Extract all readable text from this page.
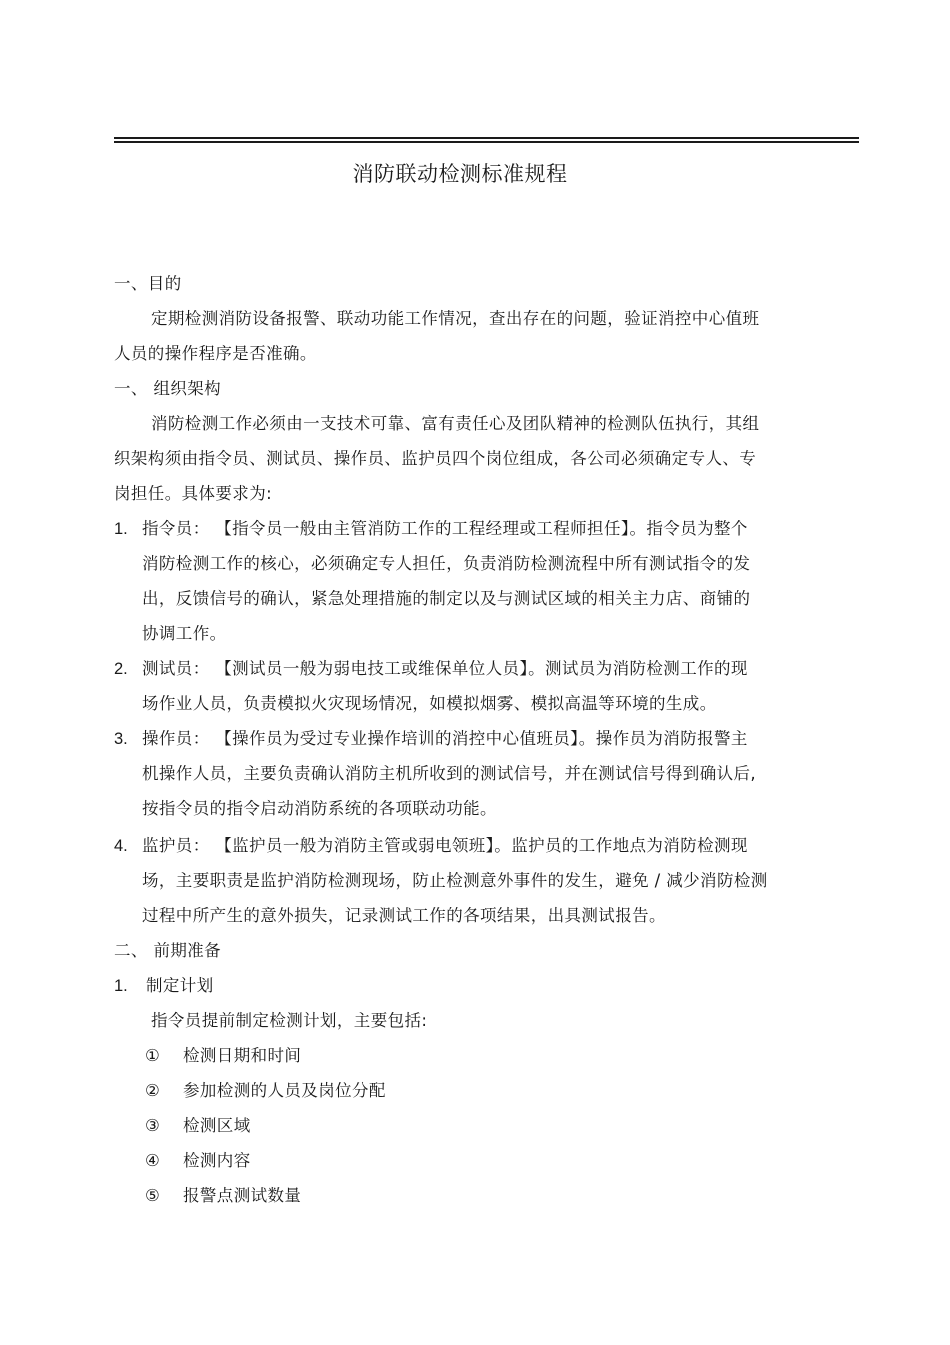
消防联动检测标准规程
一、目的
定期检测消防设备报警、联动功能工作情况，查出存在的问题，验证消控中心值班
人员的操作程序是否准确。
一、 组织架构
消防检测工作必须由一支技术可靠、富有责任心及团队精神的检测队伍执行，其组
织架构须由指令员、测试员、操作员、监护员四个岗位组成，各公司必须确定专人、专
岗担任。具体要求为:
1. 指令员： 【指令员一般由主管消防工作的工程经理或工程师担任】。指令员为整个
消防检测工作的核心，必须确定专人担任，负责消防检测流程中所有测试指令的发
出，反馈信号的确认，紧急处理措施的制定以及与测试区域的相关主力店、商铺的
协调工作。
2. 测试员： 【测试员一般为弱电技工或维保单位人员】。测试员为消防检测工作的现
场作业人员，负责模拟火灾现场情况，如模拟烟雾、模拟高温等环境的生成。
3. 操作员： 【操作员为受过专业操作培训的消控中心值班员】。操作员为消防报警主
机操作人员，主要负责确认消防主机所收到的测试信号，并在测试信号得到确认后,
按指令员的指令启动消防系统的各项联动功能。
4. 监护员： 【监护员一般为消防主管或弱电领班】。监护员的工作地点为消防检测现
场，主要职责是监护消防检测现场，防止检测意外事件的发生，避免 / 减少消防检测
过程中所产生的意外损失，记录测试工作的各项结果，出具测试报告。
二、 前期准备
1. 制定计划
指令员提前制定检测计划，主要包括:
① 检测日期和时间
② 参加检测的人员及岗位分配
③ 检测区域
④ 检测内容
⑤ 报警点测试数量
